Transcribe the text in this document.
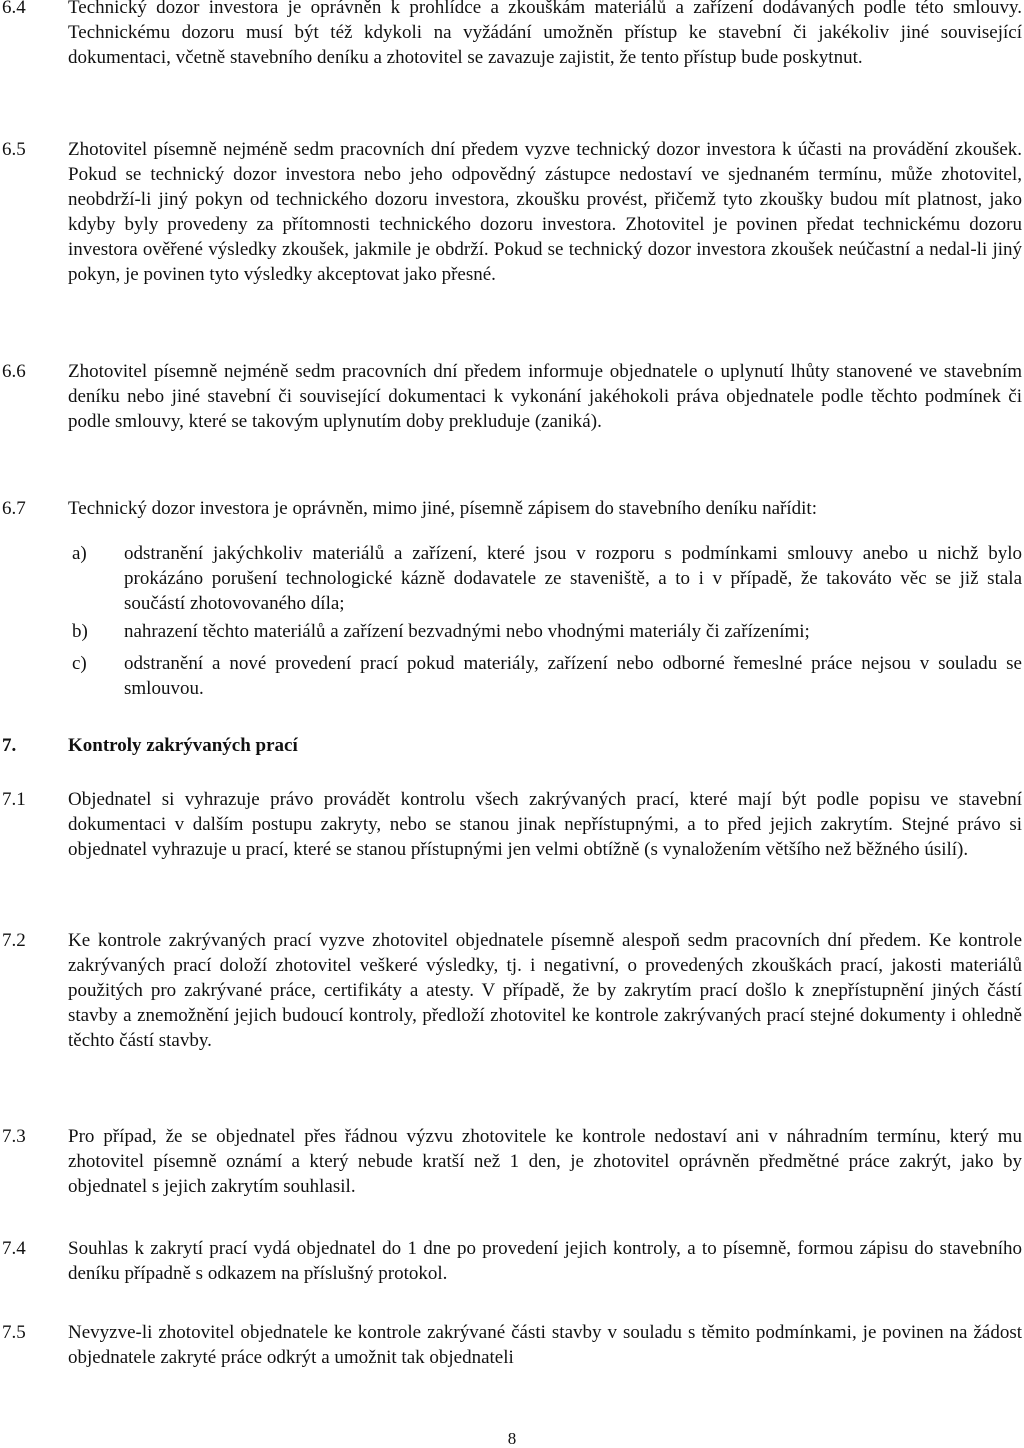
6.4	Technický dozor investora je oprávněn k prohlídce a zkouškám materiálů a zařízení dodávaných podle této smlouvy. Technickému dozoru musí být též kdykoli na vyžádání umožněn přístup ke stavební či jakékoliv jiné související dokumentaci, včetně stavebního deníku a zhotovitel se zavazuje zajistit, že tento přístup bude poskytnut.
6.5	Zhotovitel písemně nejméně sedm pracovních dní předem vyzve technický dozor investora k účasti na provádění zkoušek. Pokud se technický dozor investora nebo jeho odpovědný zástupce nedostaví ve sjednaném termínu, může zhotovitel, neobdrží-li jiný pokyn od technického dozoru investora, zkoušku provést, přičemž tyto zkoušky budou mít platnost, jako kdyby byly provedeny za přítomnosti technického dozoru investora. Zhotovitel je povinen předat technickému dozoru investora ověřené výsledky zkoušek, jakmile je obdrží. Pokud se technický dozor investora zkoušek neúčastní a nedal-li jiný pokyn, je povinen tyto výsledky akceptovat jako přesné.
6.6	Zhotovitel písemně nejméně sedm pracovních dní předem informuje objednatele o uplynutí lhůty stanovené ve stavebním deníku nebo jiné stavební či související dokumentaci k vykonání jakéhokoli práva objednatele podle těchto podmínek či podle smlouvy, které se takovým uplynutím doby prekluduje (zaniká).
6.7	Technický dozor investora je oprávněn, mimo jiné, písemně zápisem do stavebního deníku nařídit:
a)	odstranění jakýchkoliv materiálů a zařízení, které jsou v rozporu s podmínkami smlouvy anebo u nichž bylo prokázáno porušení technologické kázně dodavatele ze staveniště, a to i v případě, že takováto věc se již stala součástí zhotovovaného díla;
b)	nahrazení těchto materiálů a zařízení bezvadnými nebo vhodnými materiály či zařízeními;
c)	odstranění a nové provedení prací pokud materiály, zařízení nebo odborné řemeslné práce nejsou v souladu se smlouvou.
7.	Kontroly zakrývaných prací
7.1	Objednatel si vyhrazuje právo provádět kontrolu všech zakrývaných prací, které mají být podle popisu ve stavební dokumentaci v dalším postupu zakryty, nebo se stanou jinak nepřístupnými, a to před jejich zakrytím. Stejné právo si objednatel vyhrazuje u prací, které se stanou přístupnými jen velmi obtížně (s vynaložením většího než běžného úsilí).
7.2	Ke kontrole zakrývaných prací vyzve zhotovitel objednatele písemně alespoň sedm pracovních dní předem. Ke kontrole zakrývaných prací doloží zhotovitel veškeré výsledky, tj. i negativní, o provedených zkouškách prací, jakosti materiálů použitých pro zakrývané práce, certifikáty a atesty. V případě, že by zakrytím prací došlo k znepřístupnění jiných částí stavby a znemožnění jejich budoucí kontroly, předloží zhotovitel ke kontrole zakrývaných prací stejné dokumenty i ohledně těchto částí stavby.
7.3	Pro případ, že se objednatel přes řádnou výzvu zhotovitele ke kontrole nedostaví ani v náhradním termínu, který mu zhotovitel písemně oznámí a který nebude kratší než 1 den, je zhotovitel oprávněn předmětné práce zakrýt, jako by objednatel s jejich zakrytím souhlasil.
7.4	Souhlas k zakrytí prací vydá objednatel do 1 dne po provedení jejich kontroly, a to písemně, formou zápisu do stavebního deníku případně s odkazem na příslušný protokol.
7.5	Nevyzve-li zhotovitel objednatele ke kontrole zakrývané části stavby v souladu s těmito podmínkami, je povinen na žádost objednatele zakryté práce odkrýt a umožnit tak objednateli
8
